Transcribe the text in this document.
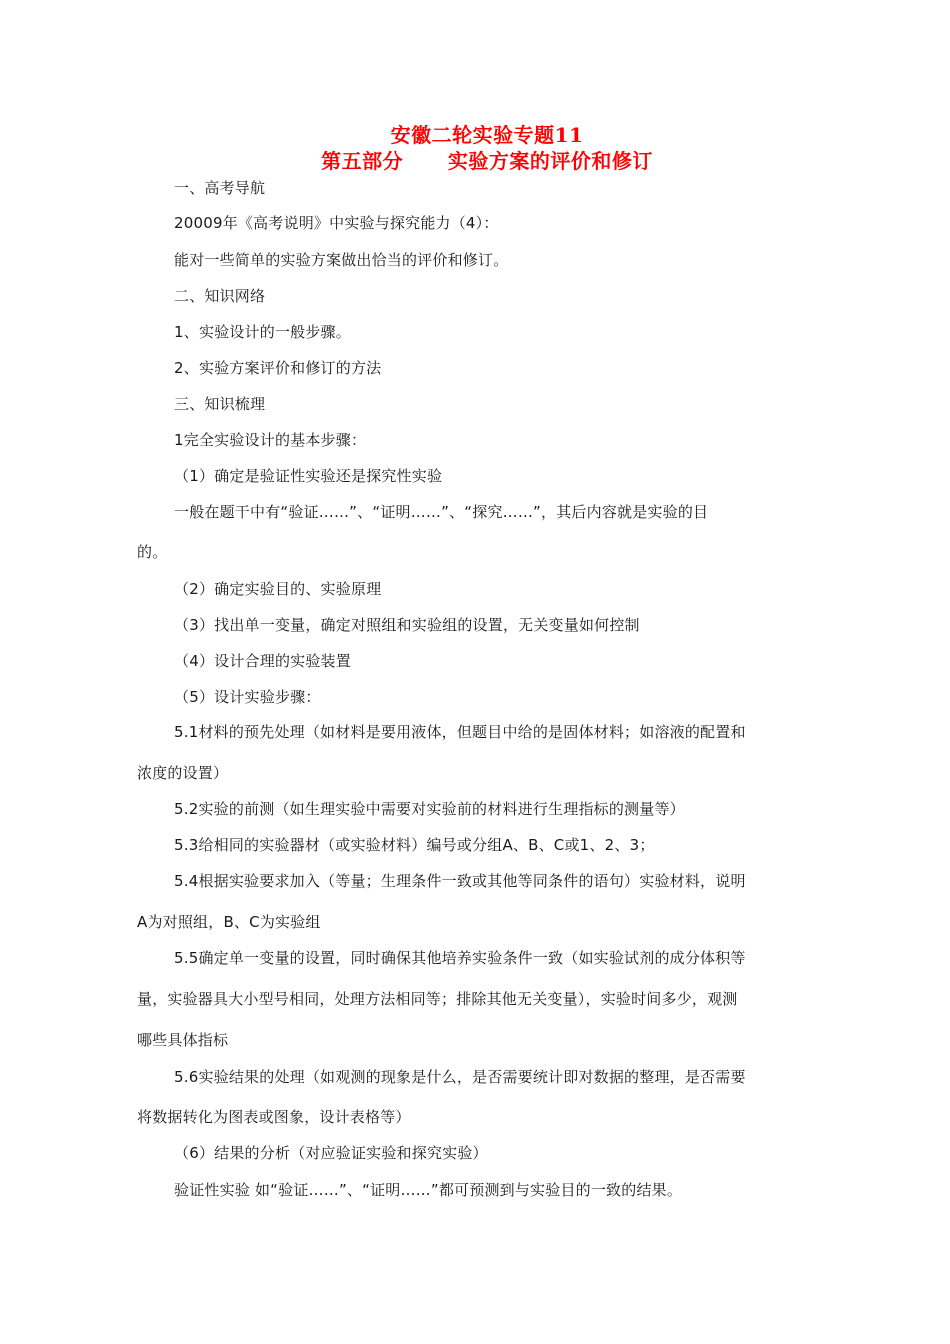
安徽二轮实验专题11
第五部分      实验方案的评价和修订
一、高考导航
20009年《高考说明》中实验与探究能力（4）：
能对一些简单的实验方案做出恰当的评价和修订。
二、知识网络
1、实验设计的一般步骤。
2、实验方案评价和修订的方法
三、知识梳理
1完全实验设计的基本步骤：
（1）确定是验证性实验还是探究性实验
一般在题干中有“验证……”、“证明……”、“探究……”，其后内容就是实验的目
的。
（2）确定实验目的、实验原理
（3）找出单一变量，确定对照组和实验组的设置，无关变量如何控制
（4）设计合理的实验装置
（5）设计实验步骤：
5.1材料的预先处理（如材料是要用液体，但题目中给的是固体材料；如溶液的配置和
浓度的设置）
5.2实验的前测（如生理实验中需要对实验前的材料进行生理指标的测量等）
5.3给相同的实验器材（或实验材料）编号或分组A、B、C或1、2、3；
5.4根据实验要求加入（等量；生理条件一致或其他等同条件的语句）实验材料，说明
A为对照组，B、C为实验组
5.5确定单一变量的设置，同时确保其他培养实验条件一致（如实验试剂的成分体积等
量，实验器具大小型号相同，处理方法相同等；排除其他无关变量），实验时间多少，观测
哪些具体指标
5.6实验结果的处理（如观测的现象是什么，是否需要统计即对数据的整理，是否需要
将数据转化为图表或图象，设计表格等）
（6）结果的分析（对应验证实验和探究实验）
验证性实验 如“验证……”、“证明……”都可预测到与实验目的一致的结果。
